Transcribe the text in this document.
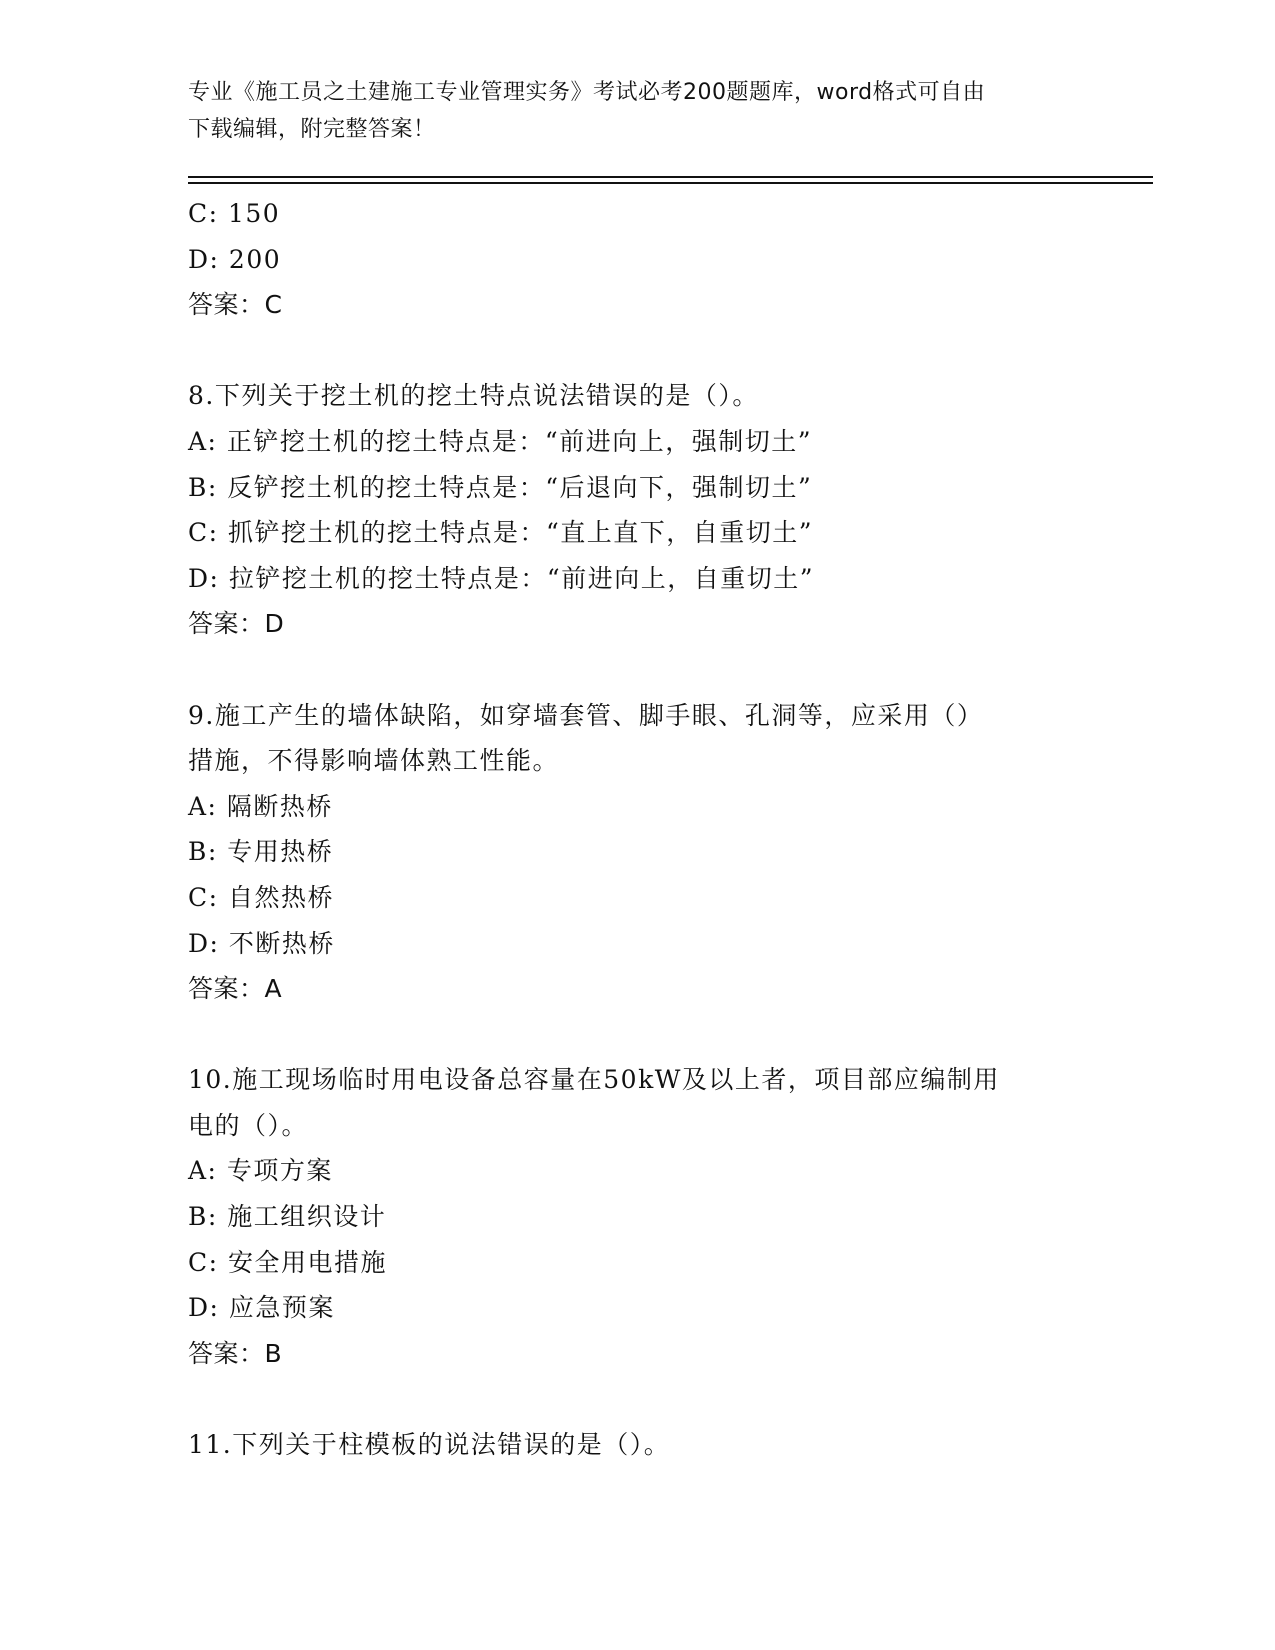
专业《施工员之土建施工专业管理实务》考试必考200题题库，word格式可自由
下载编辑，附完整答案！
C: 150
D: 200
答案：C
8.下列关于挖土机的挖土特点说法错误的是（）。
A: 正铲挖土机的挖土特点是：“前进向上，强制切土”
B: 反铲挖土机的挖土特点是：“后退向下，强制切土”
C: 抓铲挖土机的挖土特点是：“直上直下，自重切土”
D: 拉铲挖土机的挖土特点是：“前进向上，自重切土”
答案：D
9.施工产生的墙体缺陷，如穿墙套管、脚手眼、孔洞等，应采用（）
措施，不得影响墙体熟工性能。
A: 隔断热桥
B: 专用热桥
C: 自然热桥
D: 不断热桥
答案：A
10.施工现场临时用电设备总容量在50kW及以上者，项目部应编制用
电的（）。
A: 专项方案
B: 施工组织设计
C: 安全用电措施
D: 应急预案
答案：B
11.下列关于柱模板的说法错误的是（）。
